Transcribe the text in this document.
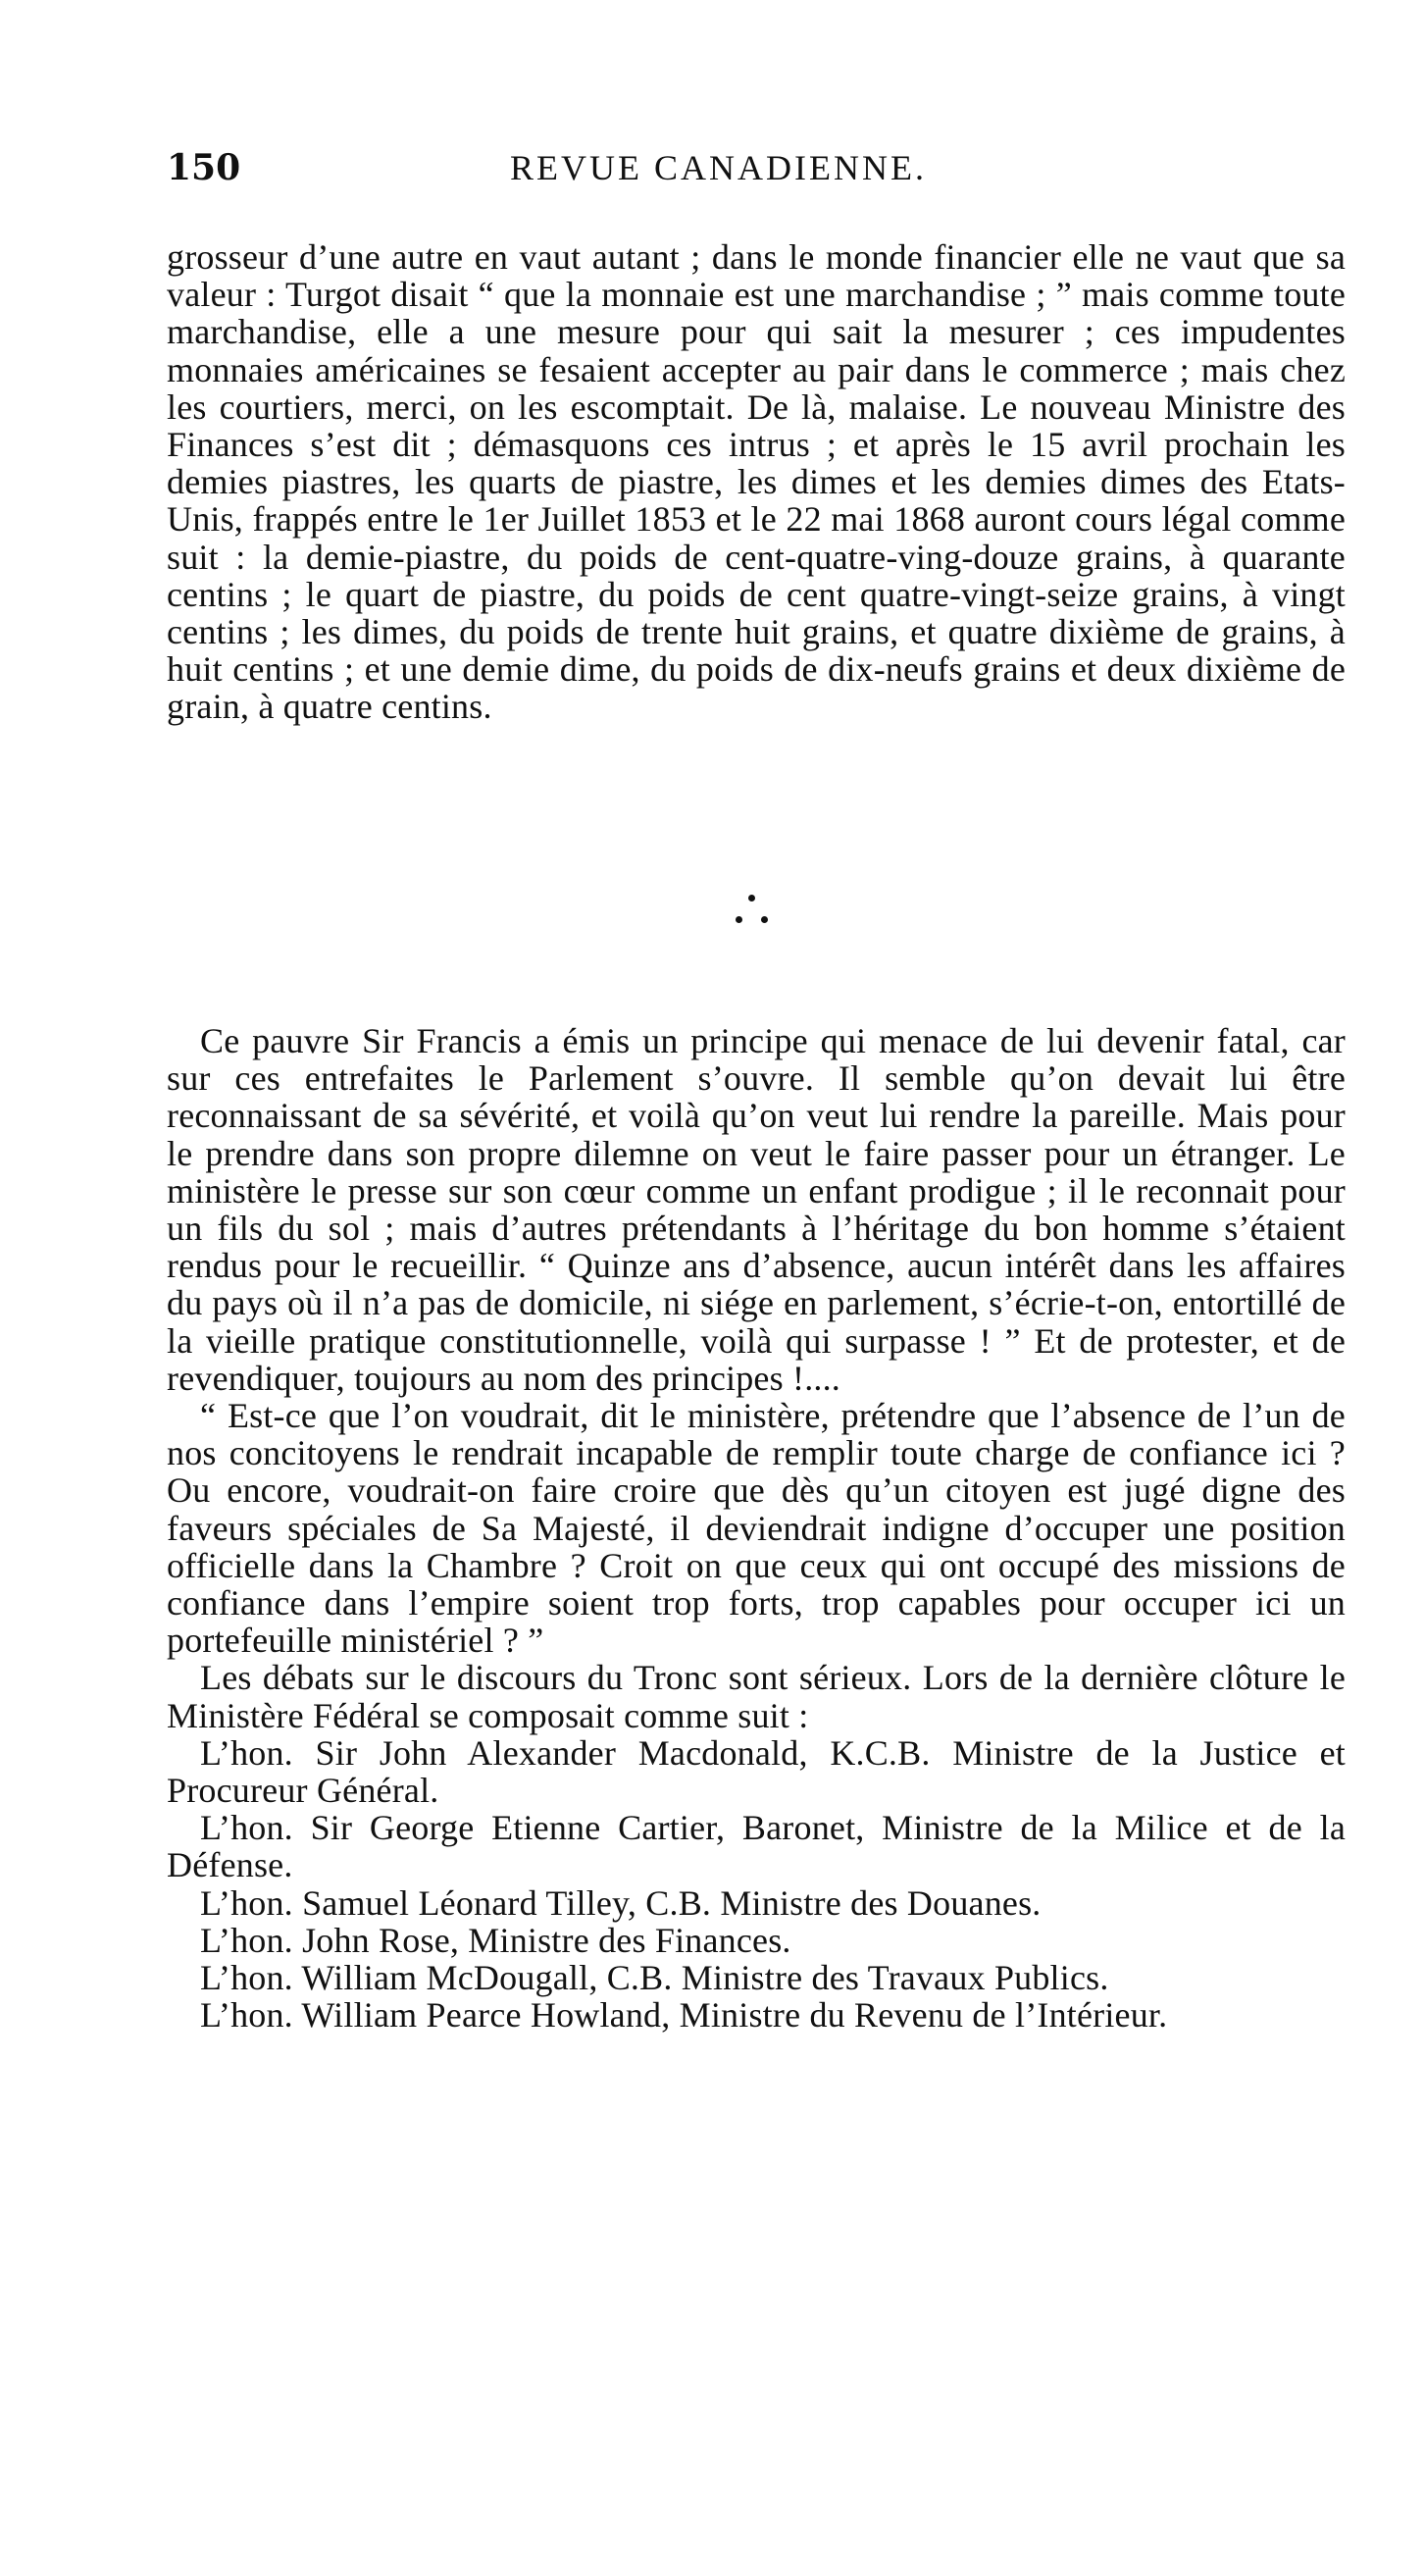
150	REVUE CANADIENNE.

grosseur d’une autre en vaut autant ; dans le monde financier elle ne vaut que sa valeur : Turgot disait “ que la monnaie est une marchandise ; ” mais comme toute marchandise, elle a une mesure pour qui sait la mesurer ; ces impudentes monnaies américaines se fesaient accepter au pair dans le commerce ; mais chez les courtiers, merci, on les escomptait. De là, malaise. Le nouveau Ministre des Finances s’est dit ; démasquons ces intrus ; et après le 15 avril prochain les demies piastres, les quarts de piastre, les dimes et les demies dimes des Etats-Unis, frappés entre le 1er Juillet 1853 et le 22 mai 1868 auront cours légal comme suit : la demie-piastre, du poids de cent-quatre-ving-douze grains, à quarante centins ; le quart de piastre, du poids de cent quatre-vingt-seize grains, à vingt centins ; les dimes, du poids de trente huit grains, et quatre dixième de grains, à huit centins ; et une demie dime, du poids de dix-neufs grains et deux dixième de grain, à quatre centins.

Ce pauvre Sir Francis a émis un principe qui menace de lui devenir fatal, car sur ces entrefaites le Parlement s’ouvre. Il semble qu’on devait lui être reconnaissant de sa sévérité, et voilà qu’on veut lui rendre la pareille. Mais pour le prendre dans son propre dilemne on veut le faire passer pour un étranger. Le ministère le presse sur son cœur comme un enfant prodigue ; il le reconnait pour un fils du sol ; mais d’autres prétendants à l’héritage du bon homme s’étaient rendus pour le recueillir. “ Quinze ans d’absence, aucun intérêt dans les affaires du pays où il n’a pas de domicile, ni siége en parlement, s’écrie-t-on, entortillé de la vieille pratique constitutionnelle, voilà qui surpasse ! ” Et de protester, et de revendiquer, toujours au nom des principes !....

“ Est-ce que l’on voudrait, dit le ministère, prétendre que l’absence de l’un de nos concitoyens le rendrait incapable de remplir toute charge de confiance ici ? Ou encore, voudrait-on faire croire que dès qu’un citoyen est jugé digne des faveurs spéciales de Sa Majesté, il deviendrait indigne d’occuper une position officielle dans la Chambre ? Croit on que ceux qui ont occupé des missions de confiance dans l’empire soient trop forts, trop capables pour occuper ici un portefeuille ministériel ? ”

Les débats sur le discours du Tronc sont sérieux. Lors de la dernière clôture le Ministère Fédéral se composait comme suit :

L’hon. Sir John Alexander Macdonald, K.C.B. Ministre de la Justice et Procureur Général.

L’hon. Sir George Etienne Cartier, Baronet, Ministre de la Milice et de la Défense.

L’hon. Samuel Léonard Tilley, C.B. Ministre des Douanes.

L’hon. John Rose, Ministre des Finances.

L’hon. William McDougall, C.B. Ministre des Travaux Publics.

L’hon. William Pearce Howland, Ministre du Revenu de l’Intérieur.
